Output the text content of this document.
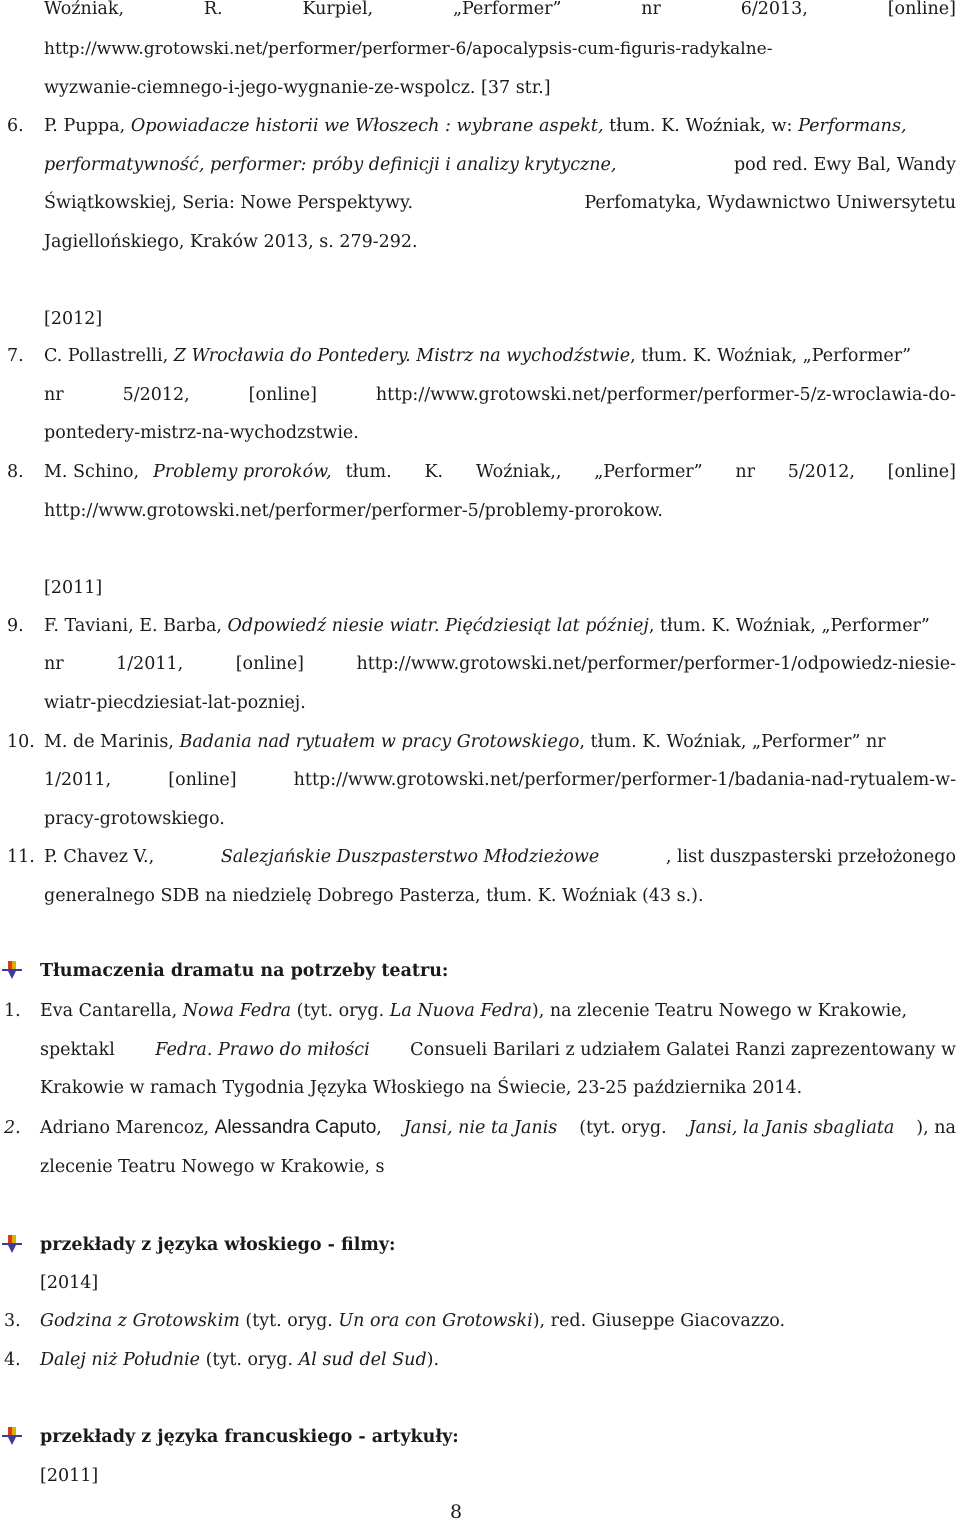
Woźniak,	R.	Kurpiel,	„Performer”	nr	6/2013,	[online]
http://www.grotowski.net/performer/performer-6/apocalypsis-cum-figuris-radykalne-
wyzwanie-ciemnego-i-jego-wygnanie-ze-wspolcz. [37 str.]
6. P. Puppa, Opowiadacze historii we Włoszech : wybrane aspekt, tłum. K. Woźniak, w: Performans,
performatywność, performer: próby definicji i analizy krytyczne,	pod red. Ewy Bal, Wandy
Świątkowskiej, Seria: Nowe Perspektywy.	Perfomatyka, Wydawnictwo Uniwersytetu
Jagiellońskiego, Kraków 2013, s. 279-292.
[2012]
7. C. Pollastrelli, Z Wrocławia do Pontedery. Mistrz na wychodźstwie, tłum. K. Woźniak, „Performer”
nr	5/2012,	[online]	http://www.grotowski.net/performer/performer-5/z-wroclawia-do-
pontedery-mistrz-na-wychodzstwie.
8. M. Schino, Problemy proroków, tłum. K. Woźniak,, „Performer” nr 5/2012, [online]
http://www.grotowski.net/performer/performer-5/problemy-prorokow.
[2011]
9. F. Taviani, E. Barba, Odpowiedź niesie wiatr. Pięćdziesiąt lat później, tłum. K. Woźniak, „Performer”
nr	1/2011,	[online]	http://www.grotowski.net/performer/performer-1/odpowiedz-niesie-
wiatr-piecdziesiat-lat-pozniej.
10. M. de Marinis, Badania nad rytuałem w pracy Grotowskiego, tłum. K. Woźniak, „Performer” nr
1/2011,	[online]	http://www.grotowski.net/performer/performer-1/badania-nad-rytualem-w-
pracy-grotowskiego.
11. P. Chavez V.,	Salezjańskie Duszpasterstwo Młodzieżowe	, list duszpasterski przełożonego
generalnego SDB na niedzielę Dobrego Pasterza, tłum. K. Woźniak (43 s.).
Tłumaczenia dramatu na potrzeby teatru:
1. Eva Cantarella, Nowa Fedra (tyt. oryg. La Nuova Fedra), na zlecenie Teatru Nowego w Krakowie,
spektakl Fedra. Prawo do miłości Consueli Barilari z udziałem Galatei Ranzi zaprezentowany w
Krakowie w ramach Tygodnia Języka Włoskiego na Świecie, 23-25 października 2014.
2. Adriano Marencoz, Alessandra Caputo, Jansi, nie ta Janis (tyt. oryg. Jansi, la Janis sbagliata ), na
zlecenie Teatru Nowego w Krakowie, s
przekłady z języka włoskiego - filmy:
[2014]
3. Godzina z Grotowskim (tyt. oryg. Un ora con Grotowski), red. Giuseppe Giacovazzo.
4. Dalej niż Południe (tyt. oryg. Al sud del Sud).
przekłady z języka francuskiego - artykuły:
[2011]
8
